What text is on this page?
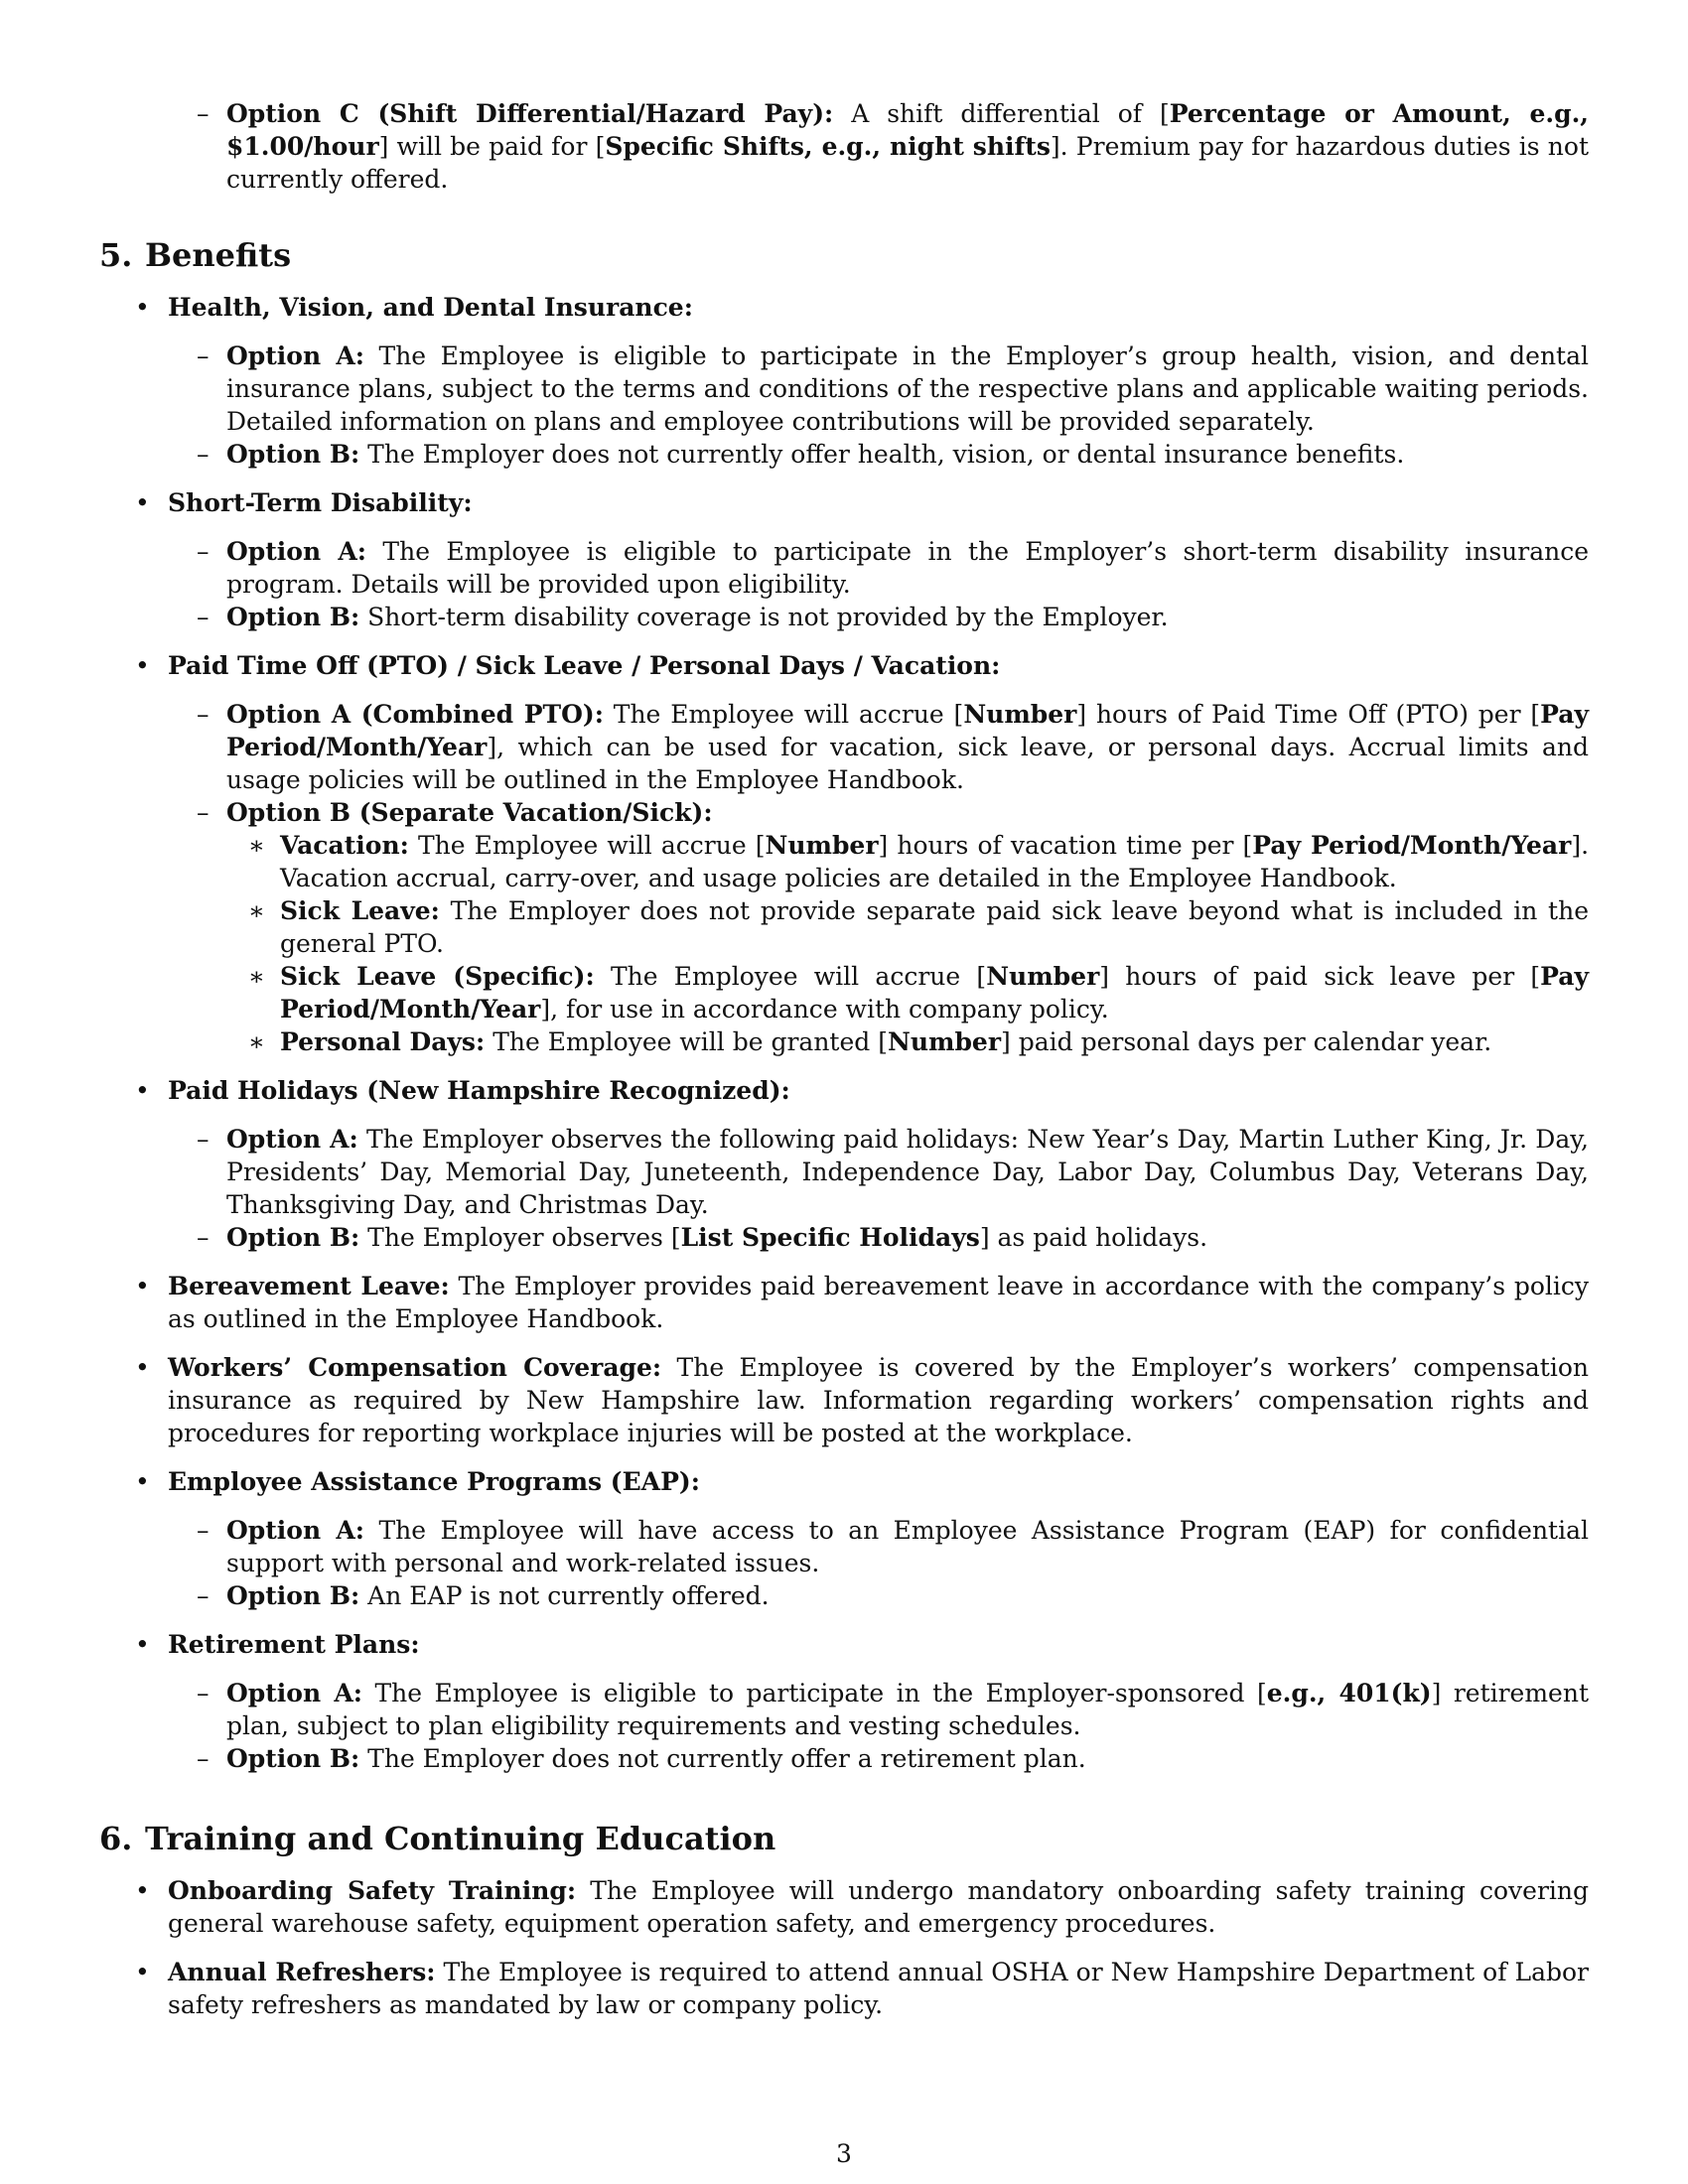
– Option C (Shift Differential/Hazard Pay): A shift differential of [Percentage or Amount, e.g., $1.00/hour] will be paid for [Specific Shifts, e.g., night shifts]. Premium pay for hazardous duties is not currently offered.
5. Benefits
• Health, Vision, and Dental Insurance:
– Option A: The Employee is eligible to participate in the Employer’s group health, vision, and dental insurance plans, subject to the terms and conditions of the respective plans and applicable waiting periods. Detailed information on plans and employee contributions will be provided separately.
– Option B: The Employer does not currently offer health, vision, or dental insurance benefits.
• Short-Term Disability:
– Option A: The Employee is eligible to participate in the Employer’s short-term disability insurance program. Details will be provided upon eligibility.
– Option B: Short-term disability coverage is not provided by the Employer.
• Paid Time Off (PTO) / Sick Leave / Personal Days / Vacation:
– Option A (Combined PTO): The Employee will accrue [Number] hours of Paid Time Off (PTO) per [Pay Period/Month/Year], which can be used for vacation, sick leave, or personal days. Accrual limits and usage policies will be outlined in the Employee Handbook.
– Option B (Separate Vacation/Sick):
∗ Vacation: The Employee will accrue [Number] hours of vacation time per [Pay Period/Month/Year]. Vacation accrual, carry-over, and usage policies are detailed in the Employee Handbook.
∗ Sick Leave: The Employer does not provide separate paid sick leave beyond what is included in the general PTO.
∗ Sick Leave (Specific): The Employee will accrue [Number] hours of paid sick leave per [Pay Period/Month/Year], for use in accordance with company policy.
∗ Personal Days: The Employee will be granted [Number] paid personal days per calendar year.
• Paid Holidays (New Hampshire Recognized):
– Option A: The Employer observes the following paid holidays: New Year’s Day, Martin Luther King, Jr. Day, Presidents’ Day, Memorial Day, Juneteenth, Independence Day, Labor Day, Columbus Day, Veterans Day, Thanksgiving Day, and Christmas Day.
– Option B: The Employer observes [List Specific Holidays] as paid holidays.
• Bereavement Leave: The Employer provides paid bereavement leave in accordance with the company’s policy as outlined in the Employee Handbook.
• Workers’ Compensation Coverage: The Employee is covered by the Employer’s workers’ compensation insurance as required by New Hampshire law. Information regarding workers’ compensation rights and procedures for reporting workplace injuries will be posted at the workplace.
• Employee Assistance Programs (EAP):
– Option A: The Employee will have access to an Employee Assistance Program (EAP) for confidential support with personal and work-related issues.
– Option B: An EAP is not currently offered.
• Retirement Plans:
– Option A: The Employee is eligible to participate in the Employer-sponsored [e.g., 401(k)] retirement plan, subject to plan eligibility requirements and vesting schedules.
– Option B: The Employer does not currently offer a retirement plan.
6. Training and Continuing Education
• Onboarding Safety Training: The Employee will undergo mandatory onboarding safety training covering general warehouse safety, equipment operation safety, and emergency procedures.
• Annual Refreshers: The Employee is required to attend annual OSHA or New Hampshire Department of Labor safety refreshers as mandated by law or company policy.
3
